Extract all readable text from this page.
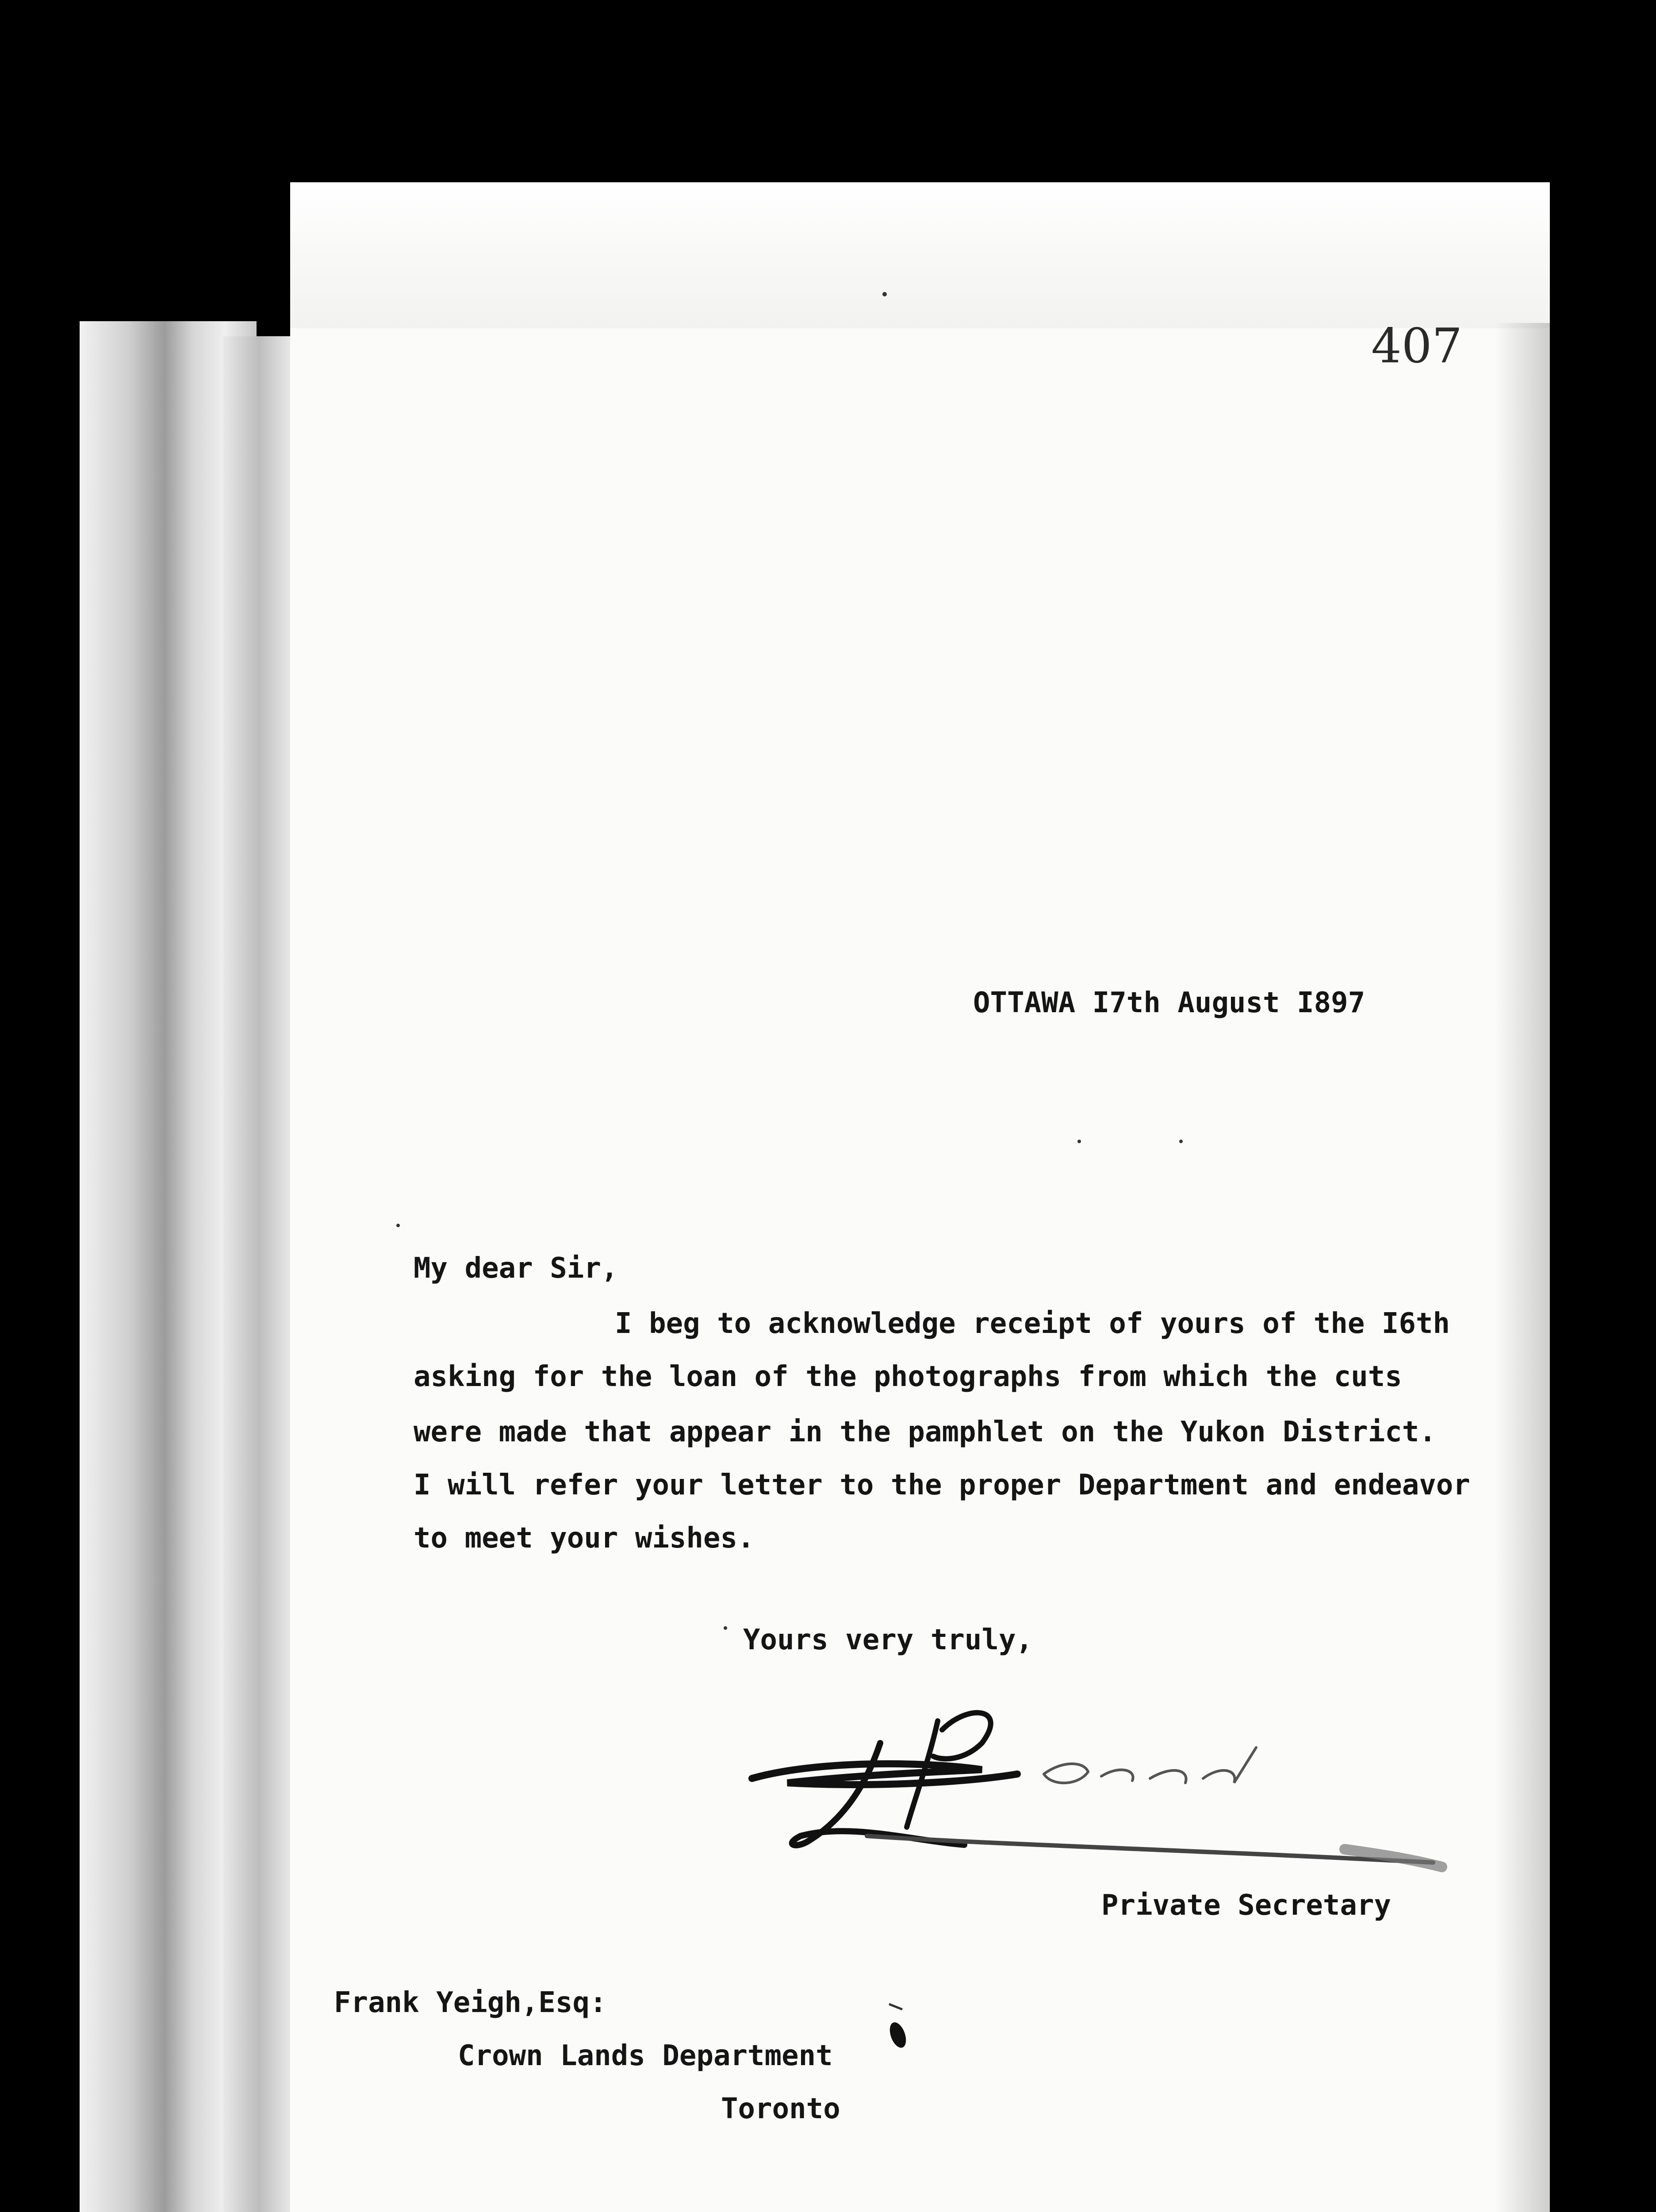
407
OTTAWA I7th August I897
My dear Sir,
I beg to acknowledge receipt of yours of the I6th
asking for the loan of the photographs from which the cuts
were made that appear in the pamphlet on the Yukon District.
I will refer your letter to the proper Department and endeavor
to meet your wishes.
Yours very truly,
Private Secretary
Frank Yeigh,Esq:
Crown Lands Department
Toronto
